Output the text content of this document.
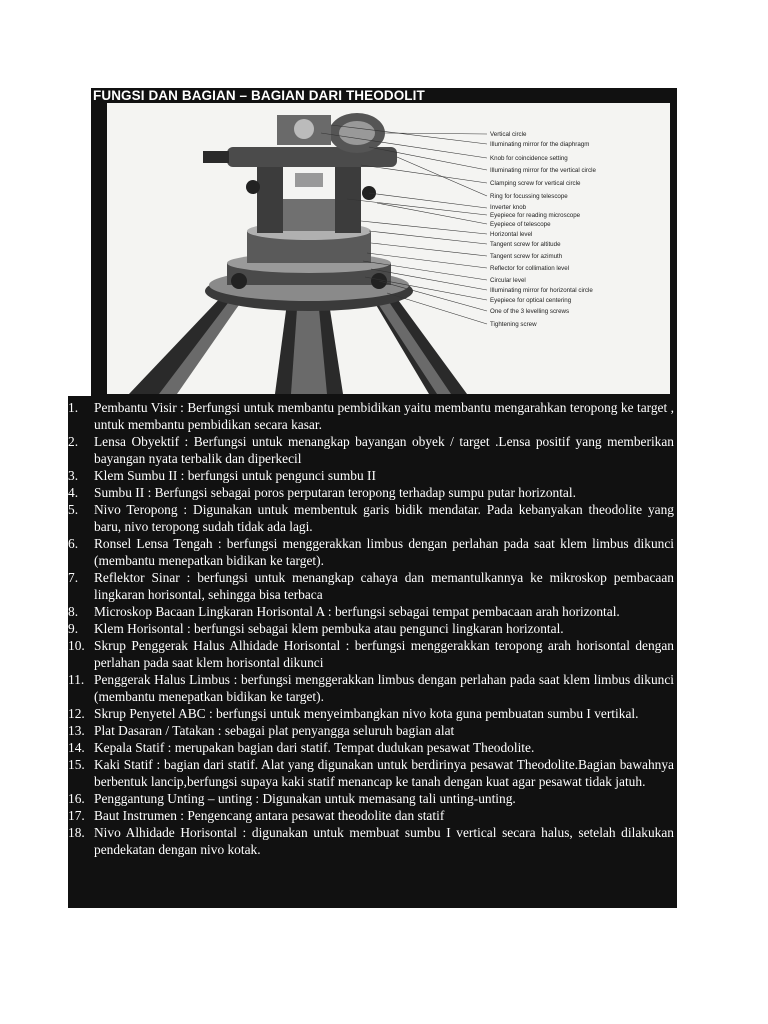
FUNGSI DAN BAGIAN – BAGIAN DARI THEODOLIT
Vertical circle
Illuminating mirror for the diaphragm
Knob for coincidence setting
Illuminating mirror for the vertical circle
Clamping screw for vertical circle
Ring for focussing telescope
Inverter knob
Eyepiece for reading microscope
Eyepiece of telescope
Horizontal level
Tangent screw for altitude
Tangent screw for azimuth
Reflector for collimation level
Circular level
Illuminating mirror for horizontal circle
Eyepiece for optical centering
One of the 3 levelling screws
Tightening screw
1. Pembantu Visir : Berfungsi untuk membantu pembidikan yaitu membantu mengarahkan teropong ke target , untuk membantu pembidikan secara kasar.
2. Lensa Obyektif : Berfungsi untuk menangkap bayangan obyek / target .Lensa positif yang memberikan bayangan nyata terbalik dan diperkecil
3. Klem Sumbu II : berfungsi untuk pengunci sumbu II
4. Sumbu II : Berfungsi sebagai poros perputaran teropong terhadap sumpu putar horizontal.
5. Nivo Teropong : Digunakan untuk membentuk garis bidik mendatar. Pada kebanyakan theodolite yang baru, nivo teropong sudah tidak ada lagi.
6. Ronsel Lensa Tengah : berfungsi menggerakkan limbus dengan perlahan pada saat klem limbus dikunci (membantu menepatkan bidikan ke target).
7. Reflektor Sinar : berfungsi untuk menangkap cahaya dan memantulkannya ke mikroskop pembacaan lingkaran horisontal, sehingga bisa terbaca
8. Microskop Bacaan Lingkaran Horisontal A : berfungsi sebagai tempat pembacaan arah horizontal.
9. Klem Horisontal : berfungsi sebagai klem pembuka atau pengunci lingkaran horizontal.
10. Skrup Penggerak Halus Alhidade Horisontal : berfungsi menggerakkan teropong arah horisontal dengan perlahan pada saat klem horisontal dikunci
11. Penggerak Halus Limbus : berfungsi menggerakkan limbus dengan perlahan pada saat klem limbus dikunci (membantu menepatkan bidikan ke target).
12. Skrup Penyetel ABC : berfungsi untuk menyeimbangkan nivo kota guna pembuatan sumbu I vertikal.
13. Plat Dasaran / Tatakan : sebagai plat penyangga seluruh bagian alat
14. Kepala Statif : merupakan bagian dari statif. Tempat dudukan pesawat Theodolite.
15. Kaki Statif : bagian dari statif. Alat yang digunakan untuk berdirinya pesawat Theodolite.Bagian bawahnya berbentuk lancip,berfungsi supaya kaki statif menancap ke tanah dengan kuat agar pesawat tidak jatuh.
16. Penggantung Unting – unting : Digunakan untuk memasang tali unting-unting.
17. Baut Instrumen : Pengencang antara pesawat theodolite dan statif
18. Nivo Alhidade Horisontal : digunakan untuk membuat sumbu I vertical secara halus, setelah dilakukan pendekatan dengan nivo kotak.
